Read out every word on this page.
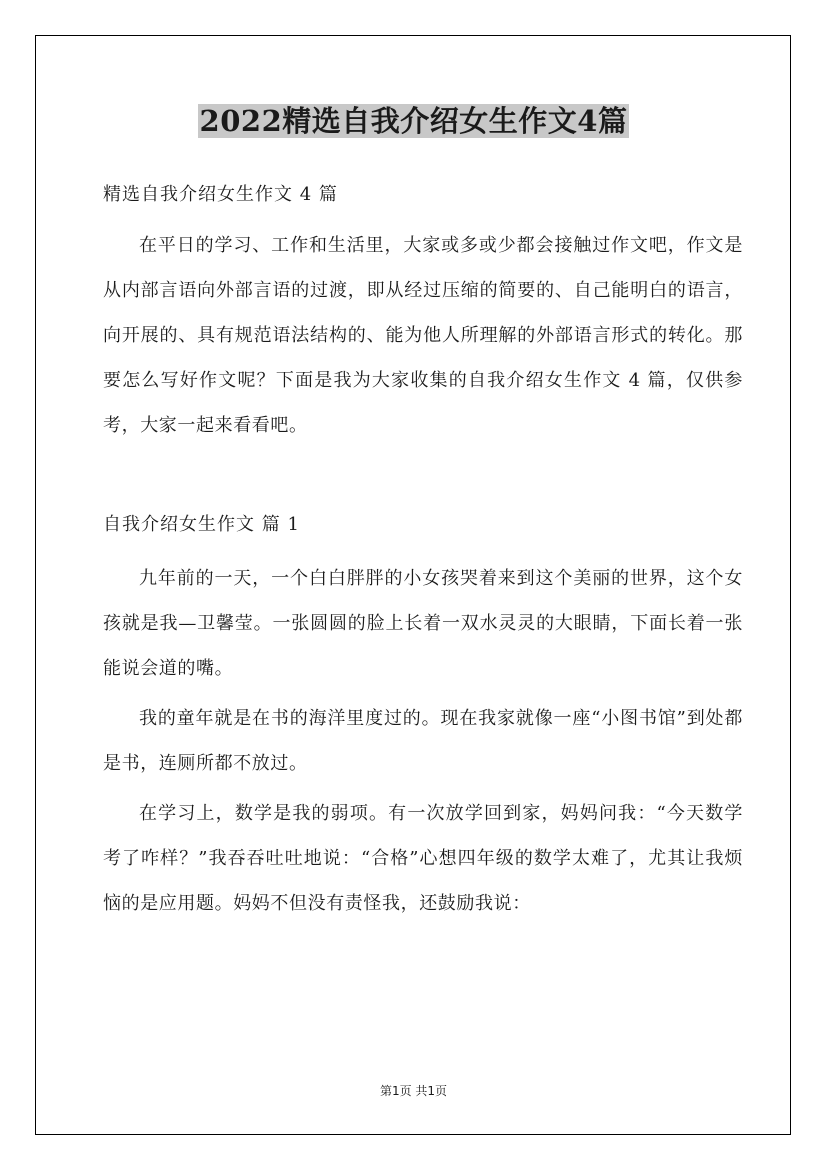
2022精选自我介绍女生作文4篇

精选自我介绍女生作文 4 篇

在平日的学习、工作和生活里，大家或多或少都会接触过作文吧，作文是从内部言语向外部言语的过渡，即从经过压缩的简要的、自己能明白的语言，向开展的、具有规范语法结构的、能为他人所理解的外部语言形式的转化。那要怎么写好作文呢？下面是我为大家收集的自我介绍女生作文 4 篇，仅供参考，大家一起来看看吧。

自我介绍女生作文 篇 1

九年前的一天，一个白白胖胖的小女孩哭着来到这个美丽的世界，这个女孩就是我—卫馨莹。一张圆圆的脸上长着一双水灵灵的大眼睛，下面长着一张能说会道的嘴。

我的童年就是在书的海洋里度过的。现在我家就像一座“小图书馆”到处都是书，连厕所都不放过。

在学习上，数学是我的弱项。有一次放学回到家，妈妈问我：“今天数学考了咋样？”我吞吞吐吐地说：“合格”心想四年级的数学太难了，尤其让我烦恼的是应用题。妈妈不但没有责怪我，还鼓励我说：

第1页 共1页
